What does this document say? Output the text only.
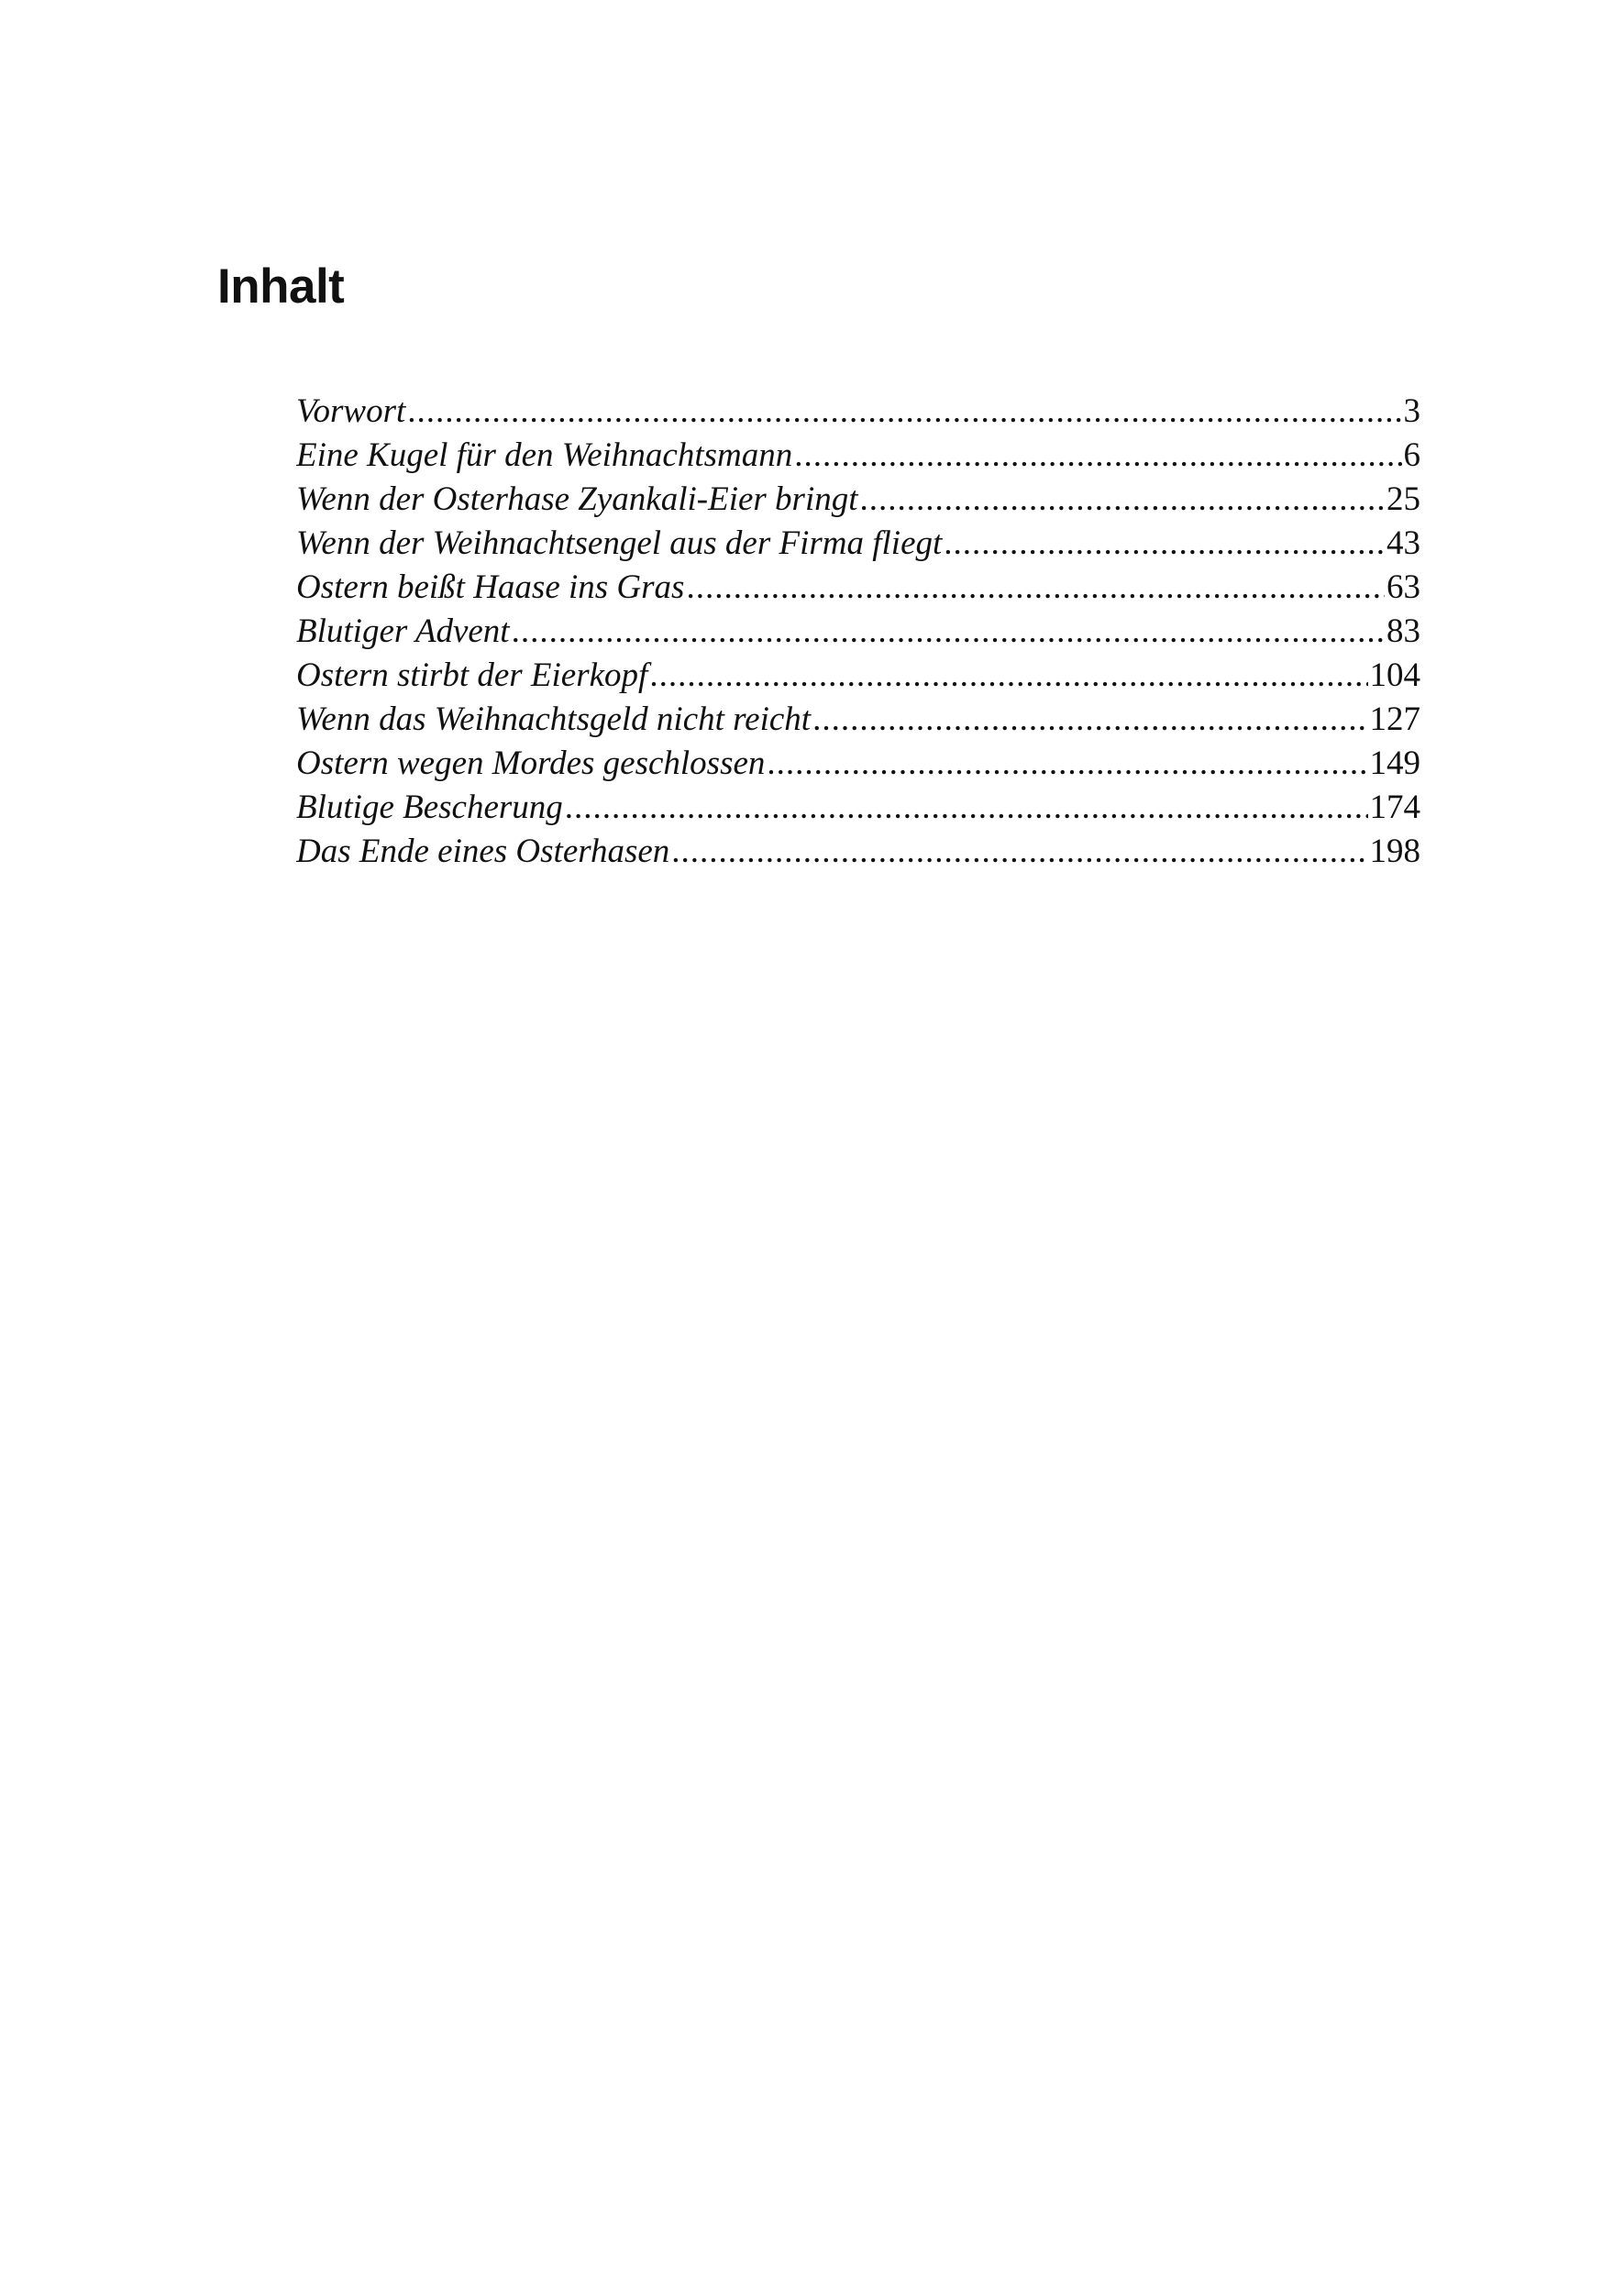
Inhalt
Vorwort .....	3
Eine Kugel für den Weihnachtsmann .....	6
Wenn der Osterhase Zyankali-Eier bringt .....	25
Wenn der Weihnachtsengel aus der Firma fliegt .....	43
Ostern beißt Haase ins Gras .....	63
Blutiger Advent .....	83
Ostern stirbt der Eierkopf .....	104
Wenn das Weihnachtsgeld nicht reicht .....	127
Ostern wegen Mordes geschlossen .....	149
Blutige Bescherung .....	174
Das Ende eines Osterhasen .....	198
